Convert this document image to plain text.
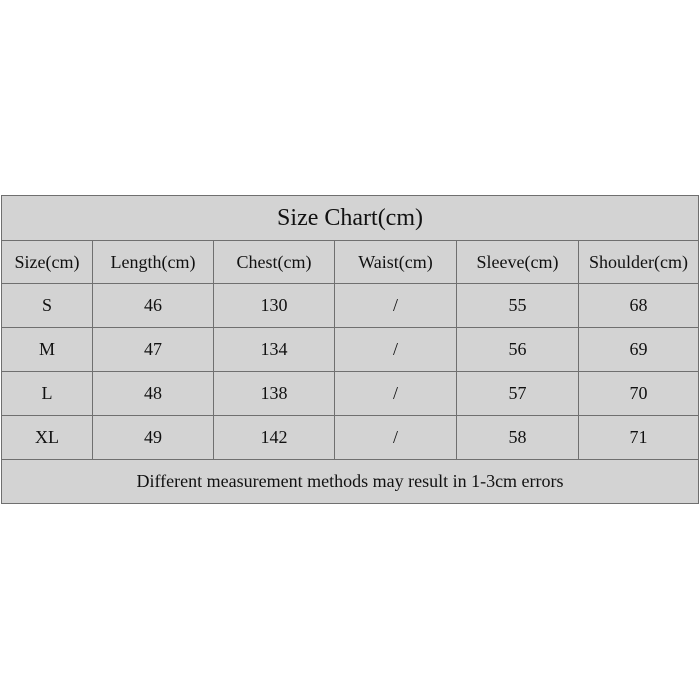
Size Chart(cm)					
Size(cm)	Length(cm)	Chest(cm)	Waist(cm)	Sleeve(cm)	Shoulder(cm)
S	46	130	/	55	68
M	47	134	/	56	69
L	48	138	/	57	70
XL	49	142	/	58	71
Different measurement methods may result in 1-3cm errors					
